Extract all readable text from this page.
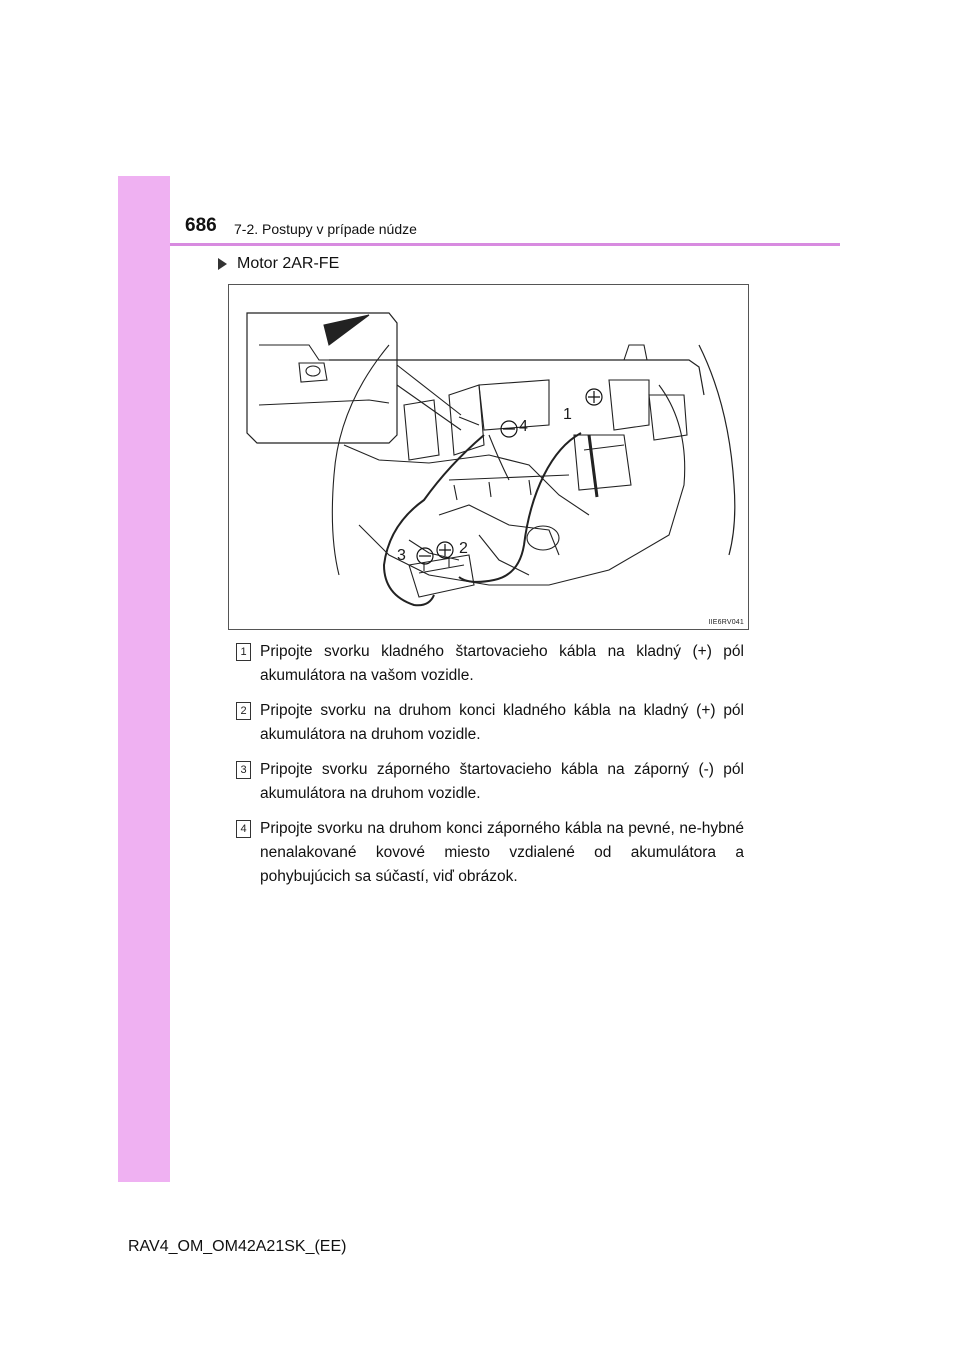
686 7-2. Postupy v prípade núdze
Motor 2AR-FE
1
4
2
3
IIE6RV041
1 Pripojte svorku kladného štartovacieho kábla na kladný (+) pól akumulátora na vašom vozidle.
2 Pripojte svorku na druhom konci kladného kábla na kladný (+) pól akumulátora na druhom vozidle.
3 Pripojte svorku záporného štartovacieho kábla na záporný (-) pól akumulátora na druhom vozidle.
4 Pripojte svorku na druhom konci záporného kábla na pevné, ne-hybné nenalakované kovové miesto vzdialené od akumulátora a pohybujúcich sa súčastí, viď obrázok.
RAV4_OM_OM42A21SK_(EE)
